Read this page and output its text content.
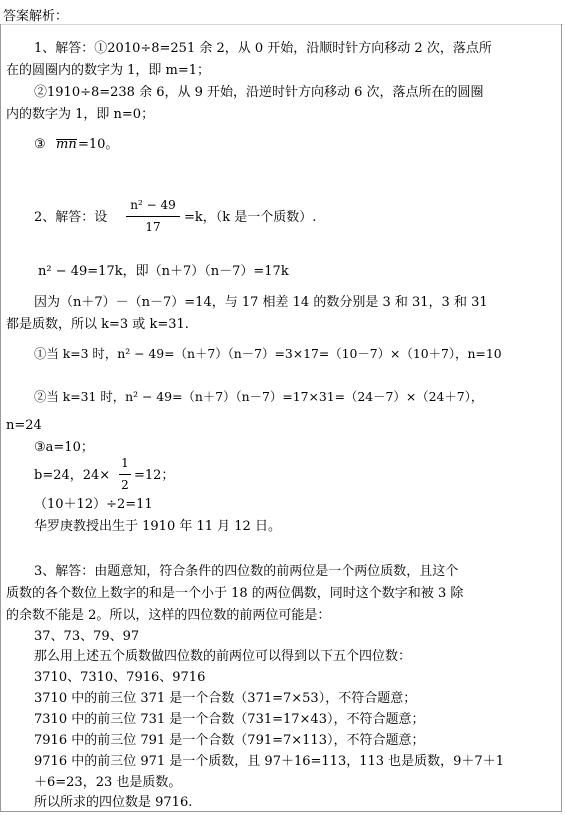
答案解析：
1、解答：①2010÷8=251 余 2，从 0 开始，沿顺时针方向移动 2 次，落点所
在的圆圈内的数字为 1，即 m=1；
②1910÷8=238 余 6，从 9 开始，沿逆时针方向移动 6 次，落点所在的圆圈
内的数字为 1，即 n=0；
③ mn =10。
2、解答：设
n² − 49
17
=k，（k 是一个质数）.
n² − 49=17k，即（n＋7）（n－7）=17k
因为（n＋7）－（n－7）=14，与 17 相差 14 的数分别是 3 和 31，3 和 31
都是质数，所以 k=3 或 k=31.
①当 k=3 时，n² − 49=（n＋7）（n－7）=3×17=（10－7）×（10＋7），n=10
②当 k=31 时，n² − 49=（n＋7）（n－7）=17×31=（24－7）×（24＋7），
n=24
③a=10；
b=24，24×
1
2
=12；
（10＋12）÷2=11
华罗庚教授出生于 1910 年 11 月 12 日。
3、解答：由题意知，符合条件的四位数的前两位是一个两位质数，且这个
质数的各个数位上数字的和是一个小于 18 的两位偶数，同时这个数字和被 3 除
的余数不能是 2。所以，这样的四位数的前两位可能是：
37、73、79、97
那么用上述五个质数做四位数的前两位可以得到以下五个四位数：
3710、7310、7916、9716
3710 中的前三位 371 是一个合数（371=7×53），不符合题意；
7310 中的前三位 731 是一个合数（731=17×43），不符合题意；
7916 中的前三位 791 是一个合数（791=7×113），不符合题意；
9716 中的前三位 971 是一个质数，且 97＋16=113，113 也是质数，9＋7＋1
＋6=23，23 也是质数。
所以所求的四位数是 9716.
